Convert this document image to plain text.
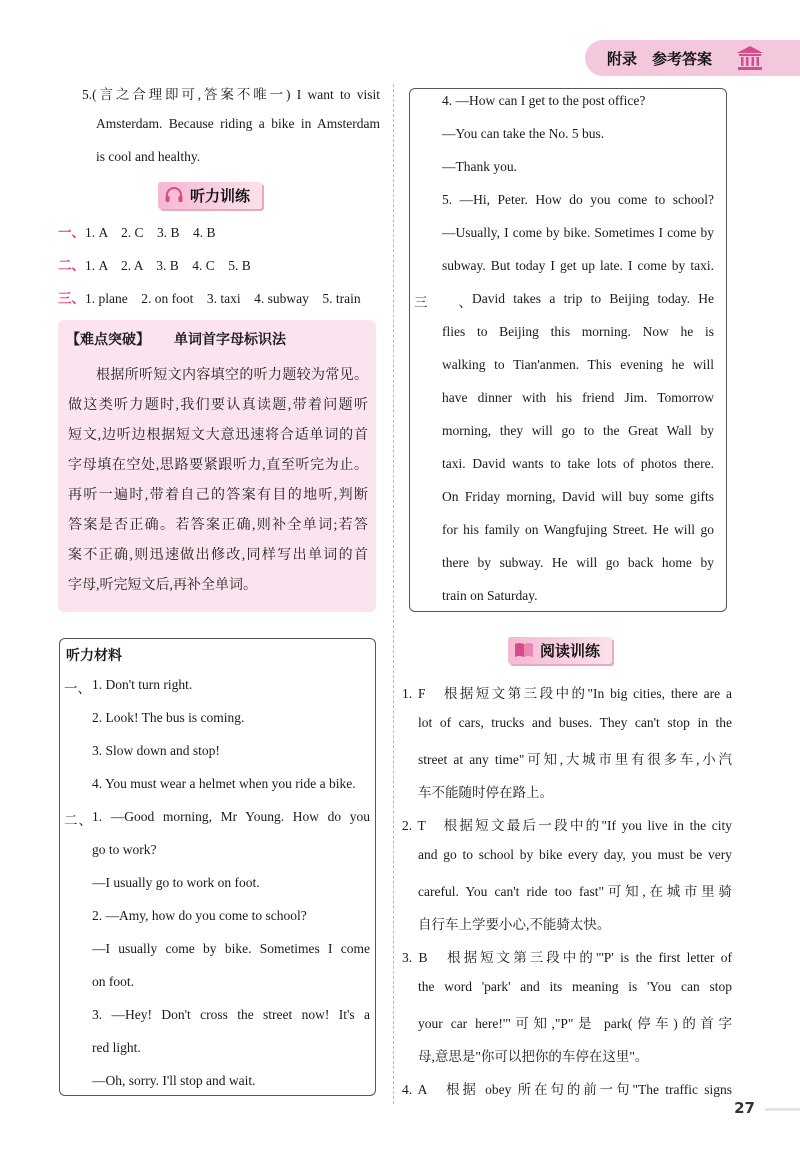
附录　参考答案
5.(言之合理即可,答案不唯一) I want to visit
Amsterdam. Because riding a bike in Amsterdam
is cool and healthy.
听力训练
一、1. A　2. C　3. B　4. B
二、1. A　2. A　3. B　4. C　5. B
三、1. plane　2. on foot　3. taxi　4. subway　5. train
【难点突破】 单词首字母标识法
根据所听短文内容填空的听力题较为常见。
做这类听力题时,我们要认真读题,带着问题听
短文,边听边根据短文大意迅速将合适单词的首
字母填在空处,思路要紧跟听力,直至听完为止。
再听一遍时,带着自己的答案有目的地听,判断
答案是否正确。若答案正确,则补全单词;若答
案不正确,则迅速做出修改,同样写出单词的首
字母,听完短文后,再补全单词。
听力材料
一、 1. Don't turn right.
2. Look! The bus is coming.
3. Slow down and stop!
4. You must wear a helmet when you ride a bike.
二、 1. —Good morning, Mr Young. How do you
go to work?
—I usually go to work on foot.
2. —Amy, how do you come to school?
—I usually come by bike. Sometimes I come
on foot.
3. —Hey! Don't cross the street now! It's a
red light.
—Oh, sorry. I'll stop and wait.
4. —How can I get to the post office?
—You can take the No. 5 bus.
—Thank you.
5. —Hi, Peter. How do you come to school?
—Usually, I come by bike. Sometimes I come by
subway. But today I get up late. I come by taxi.
三、 David takes a trip to Beijing today. He
flies to Beijing this morning. Now he is
walking to Tian'anmen. This evening he will
have dinner with his friend Jim. Tomorrow
morning, they will go to the Great Wall by
taxi. David wants to take lots of photos there.
On Friday morning, David will buy some gifts
for his family on Wangfujing Street. He will go
there by subway. He will go back home by
train on Saturday.
阅读训练
1. F　根据短文第三段中的"In big cities, there are a
lot of cars, trucks and buses. They can't stop in the
street at any time"可知,大城市里有很多车,小汽
车不能随时停在路上。
2. T　根据短文最后一段中的"If you live in the city
and go to school by bike every day, you must be very
careful. You can't ride too fast"可知,在城市里骑
自行车上学要小心,不能骑太快。
3. B　根据短文第三段中的"'P' is the first letter of
the word 'park' and its meaning is 'You can stop
your car here!'"可知,"P"是 park(停车)的首字
母,意思是"你可以把你的车停在这里"。
4. A　根据 obey 所在句的前一句"The traffic signs
27
